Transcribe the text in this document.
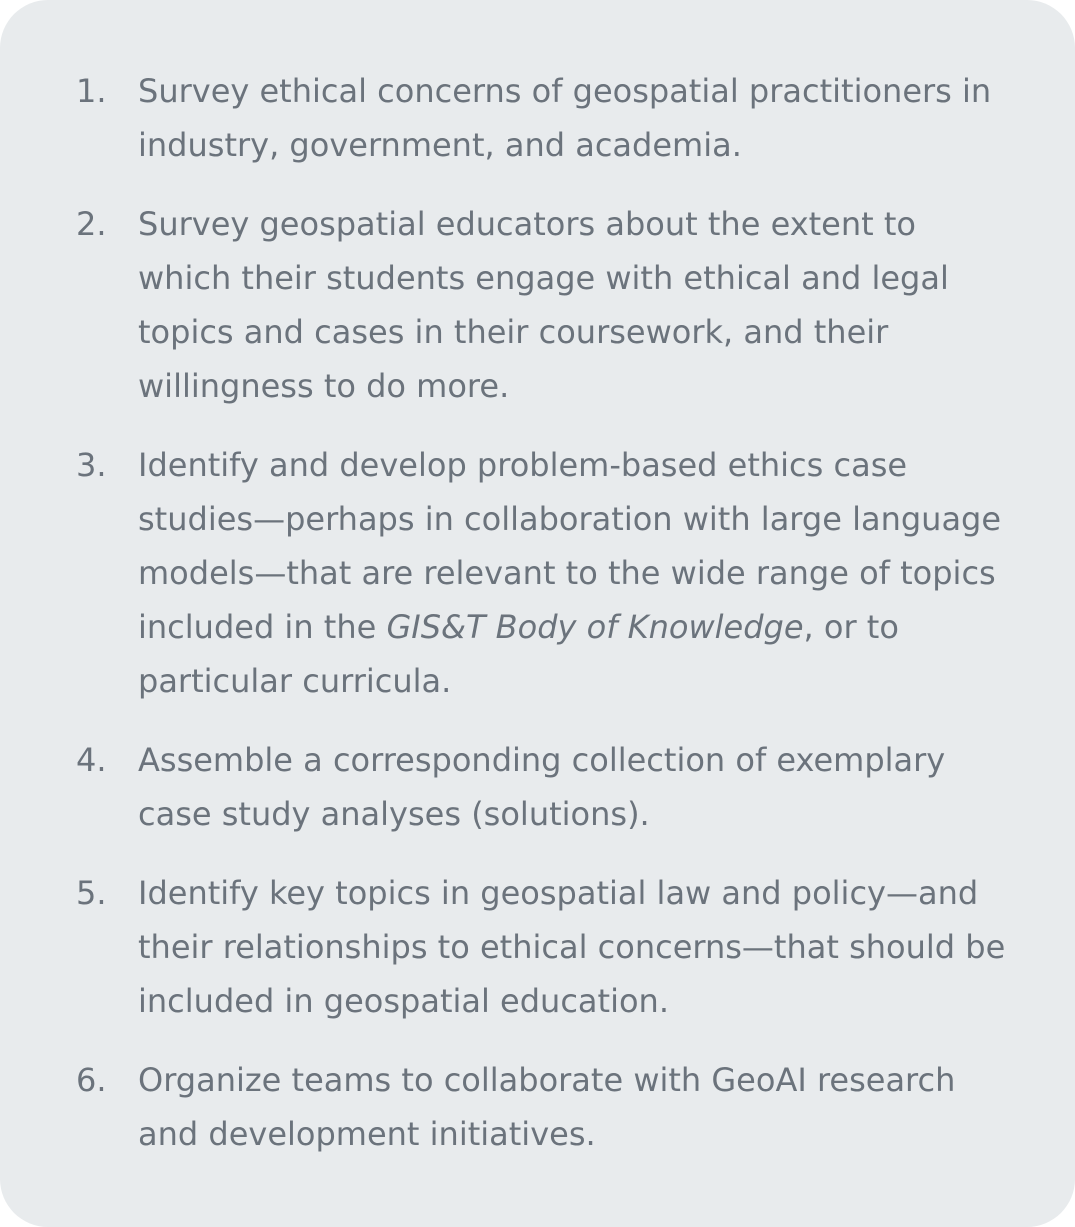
1. Survey ethical concerns of geospatial practitioners in industry, government, and academia.
2. Survey geospatial educators about the extent to which their students engage with ethical and legal topics and cases in their coursework, and their willingness to do more.
3. Identify and develop problem-based ethics case studies—perhaps in collaboration with large language models—that are relevant to the wide range of topics included in the GIS&T Body of Knowledge, or to particular curricula.
4. Assemble a corresponding collection of exemplary case study analyses (solutions).
5. Identify key topics in geospatial law and policy—and their relationships to ethical concerns—that should be included in geospatial education.
6. Organize teams to collaborate with GeoAI research and development initiatives.
